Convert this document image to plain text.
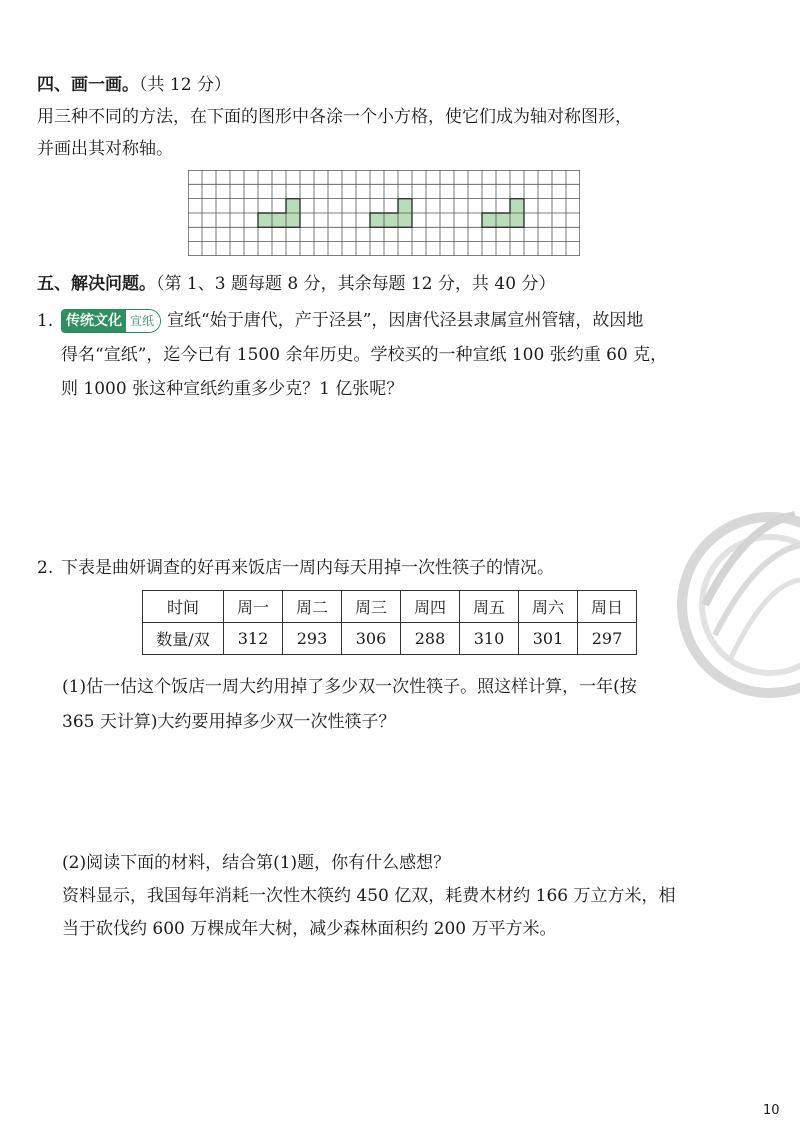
四、画一画。（共 12 分）
用三种不同的方法，在下面的图形中各涂一个小方格，使它们成为轴对称图形，
并画出其对称轴。
五、解决问题。（第 1、3 题每题 8 分，其余每题 12 分，共 40 分）
1. 传统文化 宣纸 宣纸“始于唐代，产于泾县”，因唐代泾县隶属宣州管辖，故因地
得名“宣纸”，迄今已有 1500 余年历史。学校买的一种宣纸 100 张约重 60 克，
则 1000 张这种宣纸约重多少克？1 亿张呢？
2. 下表是曲妍调查的好再来饭店一周内每天用掉一次性筷子的情况。
时间	周一	周二	周三	周四	周五	周六	周日
数量/双	312	293	306	288	310	301	297
(1)估一估这个饭店一周大约用掉了多少双一次性筷子。照这样计算，一年(按
365 天计算)大约要用掉多少双一次性筷子？
(2)阅读下面的材料，结合第(1)题，你有什么感想？
资料显示，我国每年消耗一次性木筷约 450 亿双，耗费木材约 166 万立方米，相
当于砍伐约 600 万棵成年大树，减少森林面积约 200 万平方米。
10
